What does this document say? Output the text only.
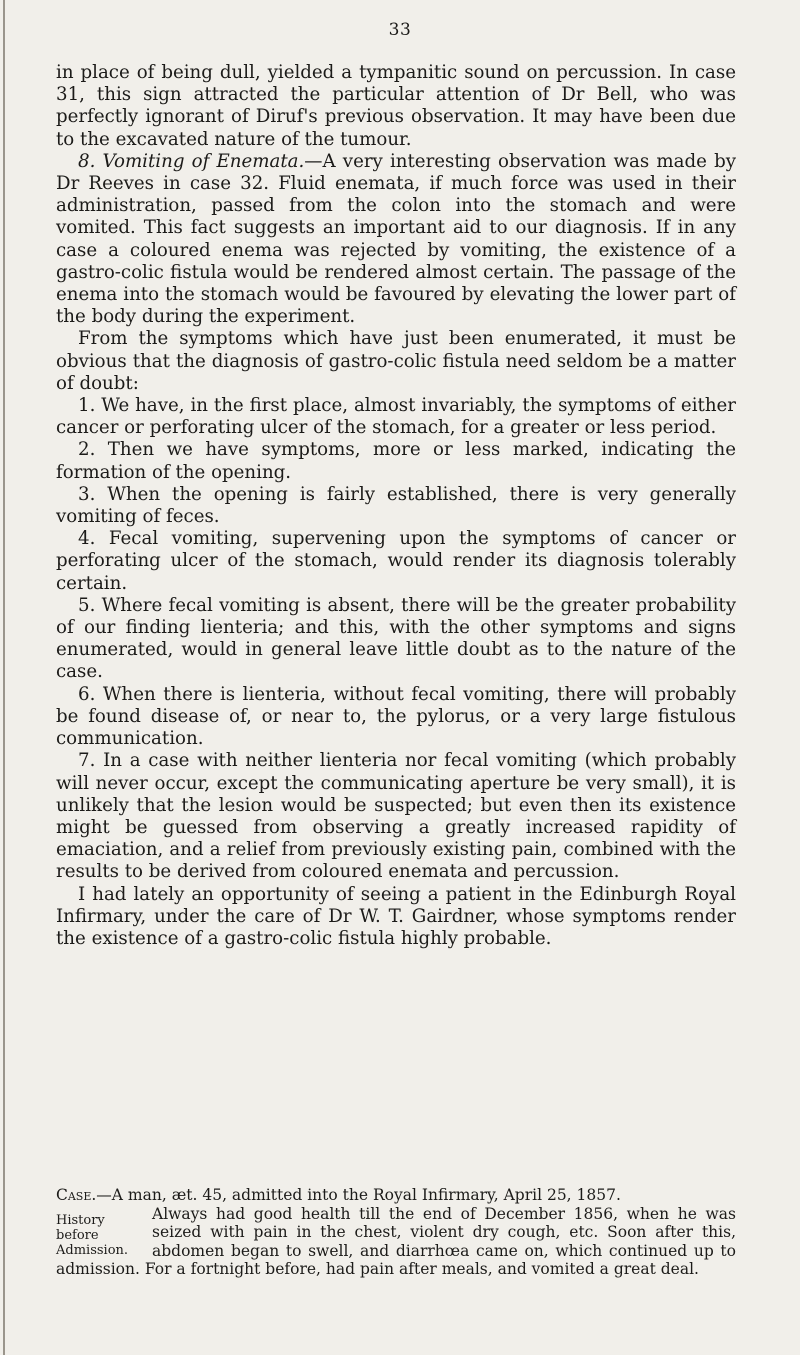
33

in place of being dull, yielded a tympanitic sound on percussion. In case 31, this sign attracted the particular attention of Dr Bell, who was perfectly ignorant of Diruf's previous observation. It may have been due to the excavated nature of the tumour.

8. Vomiting of Enemata.—A very interesting observation was made by Dr Reeves in case 32. Fluid enemata, if much force was used in their administration, passed from the colon into the stomach and were vomited. This fact suggests an important aid to our diagnosis. If in any case a coloured enema was rejected by vomiting, the existence of a gastro-colic fistula would be rendered almost certain. The passage of the enema into the stomach would be favoured by elevating the lower part of the body during the experiment.

From the symptoms which have just been enumerated, it must be obvious that the diagnosis of gastro-colic fistula need seldom be a matter of doubt:

1. We have, in the first place, almost invariably, the symptoms of either cancer or perforating ulcer of the stomach, for a greater or less period.

2. Then we have symptoms, more or less marked, indicating the formation of the opening.

3. When the opening is fairly established, there is very generally vomiting of feces.

4. Fecal vomiting, supervening upon the symptoms of cancer or perforating ulcer of the stomach, would render its diagnosis tolerably certain.

5. Where fecal vomiting is absent, there will be the greater probability of our finding lienteria; and this, with the other symptoms and signs enumerated, would in general leave little doubt as to the nature of the case.

6. When there is lienteria, without fecal vomiting, there will probably be found disease of, or near to, the pylorus, or a very large fistulous communication.

7. In a case with neither lienteria nor fecal vomiting (which probably will never occur, except the communicating aperture be very small), it is unlikely that the lesion would be suspected; but even then its existence might be guessed from observing a greatly increased rapidity of emaciation, and a relief from previously existing pain, combined with the results to be derived from coloured enemata and percussion.

I had lately an opportunity of seeing a patient in the Edinburgh Royal Infirmary, under the care of Dr W. T. Gairdner, whose symptoms render the existence of a gastro-colic fistula highly probable.

Case.—A man, æt. 45, admitted into the Royal Infirmary, April 25, 1857.
History before Admission.
Always had good health till the end of December 1856, when he was seized with pain in the chest, violent dry cough, etc. Soon after this, abdomen began to swell, and diarrhœa came on, which continued up to admission. For a fortnight before, had pain after meals, and vomited a great deal.
